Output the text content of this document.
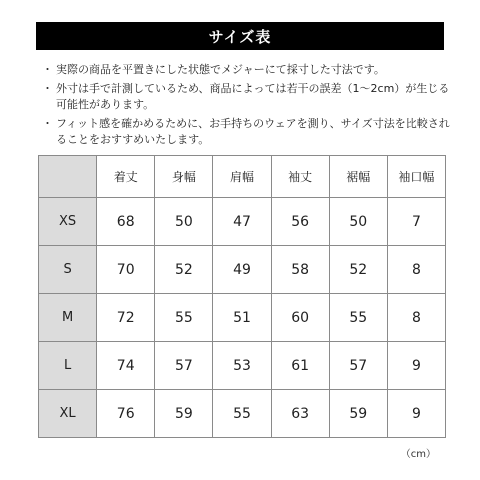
サイズ表
・ 実際の商品を平置きにした状態でメジャーにて採寸した寸法です。
・ 外寸は手で計測しているため、商品によっては若干の誤差（1～2cm）が生じる可能性があります。
・ フィット感を確かめるために、お手持ちのウェアを測り、サイズ寸法を比較されることをおすすめいたします。
	着丈	身幅	肩幅	袖丈	裾幅	袖口幅
XS	68	50	47	56	50	7
S	70	52	49	58	52	8
M	72	55	51	60	55	8
L	74	57	53	61	57	9
XL	76	59	55	63	59	9
（cm）
